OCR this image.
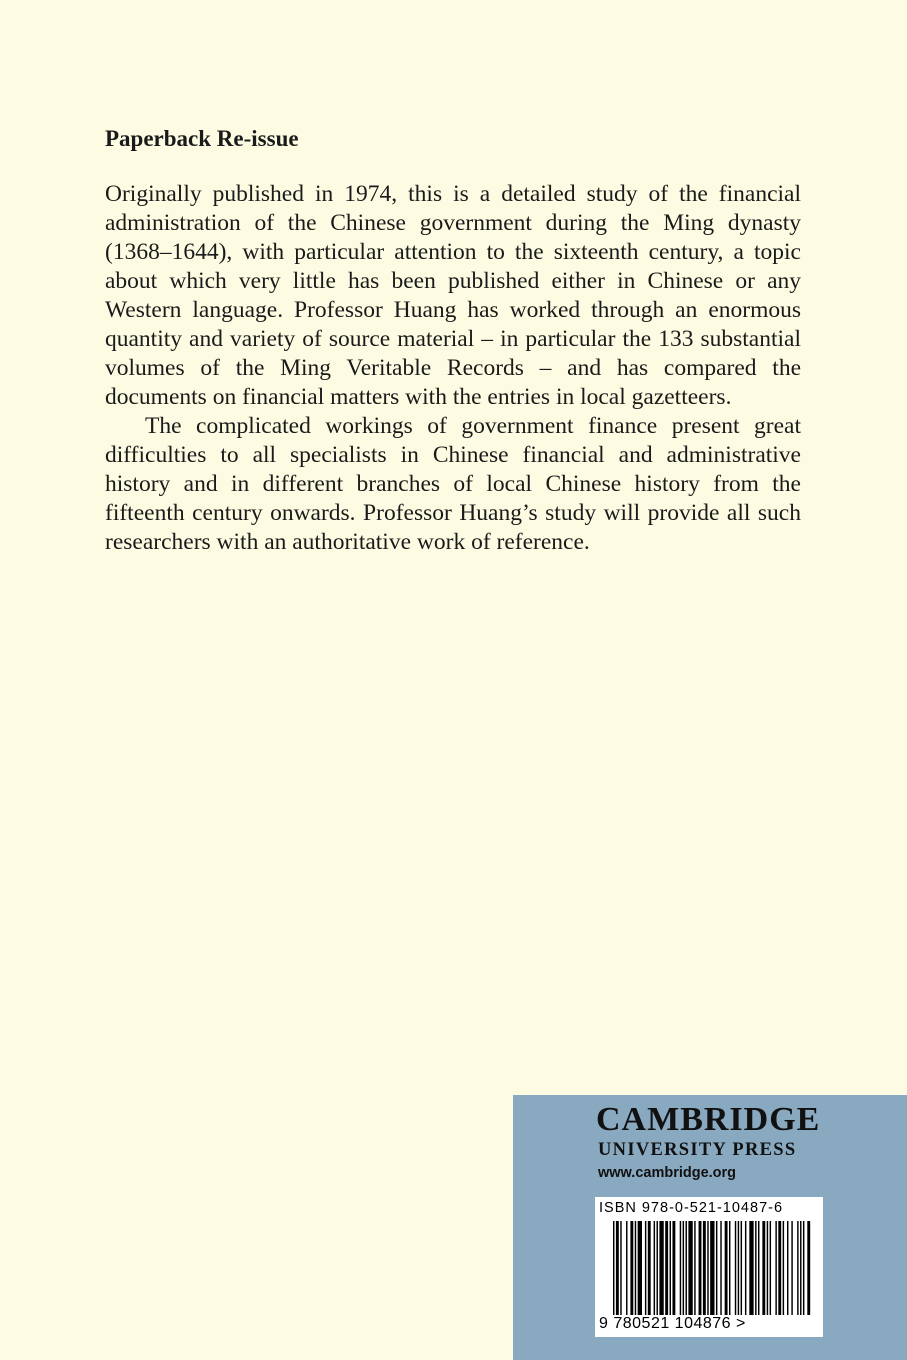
Paperback Re-issue

Originally published in 1974, this is a detailed study of the financial administration of the Chinese government during the Ming dynasty (1368–1644), with particular attention to the sixteenth century, a topic about which very little has been published either in Chinese or any Western language. Professor Huang has worked through an enormous quantity and variety of source material – in particular the 133 substantial volumes of the Ming Veritable Records – and has compared the documents on financial matters with the entries in local gazetteers.

The complicated workings of government finance present great difficulties to all specialists in Chinese financial and administrative history and in different branches of local Chinese history from the fifteenth century onwards. Professor Huang’s study will provide all such researchers with an authoritative work of reference.

CAMBRIDGE
UNIVERSITY PRESS
www.cambridge.org
ISBN 978-0-521-10487-6
9 780521 104876 >
